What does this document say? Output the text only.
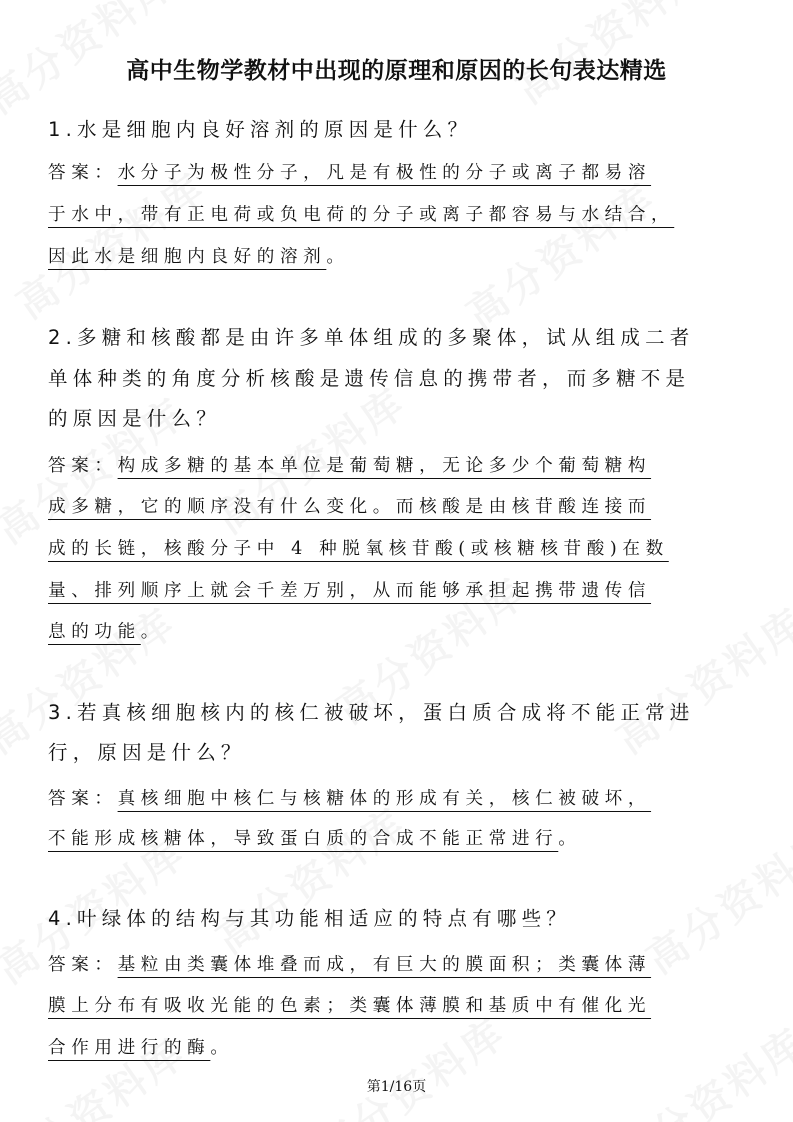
高中生物学教材中出现的原理和原因的长句表达精选
1.水是细胞内良好溶剂的原因是什么？
答案：水分子为极性分子，凡是有极性的分子或离子都易溶
于水中，带有正电荷或负电荷的分子或离子都容易与水结合，
因此水是细胞内良好的溶剂。
2.多糖和核酸都是由许多单体组成的多聚体，试从组成二者
单体种类的角度分析核酸是遗传信息的携带者，而多糖不是
的原因是什么？
答案：构成多糖的基本单位是葡萄糖，无论多少个葡萄糖构
成多糖，它的顺序没有什么变化。而核酸是由核苷酸连接而
成的长链，核酸分子中 4 种脱氧核苷酸(或核糖核苷酸)在数
量、排列顺序上就会千差万别，从而能够承担起携带遗传信
息的功能。
3.若真核细胞核内的核仁被破坏，蛋白质合成将不能正常进
行，原因是什么？
答案：真核细胞中核仁与核糖体的形成有关，核仁被破坏，
不能形成核糖体，导致蛋白质的合成不能正常进行。
4.叶绿体的结构与其功能相适应的特点有哪些？
答案：基粒由类囊体堆叠而成，有巨大的膜面积；类囊体薄
膜上分布有吸收光能的色素；类囊体薄膜和基质中有催化光
合作用进行的酶。
第1/16页
